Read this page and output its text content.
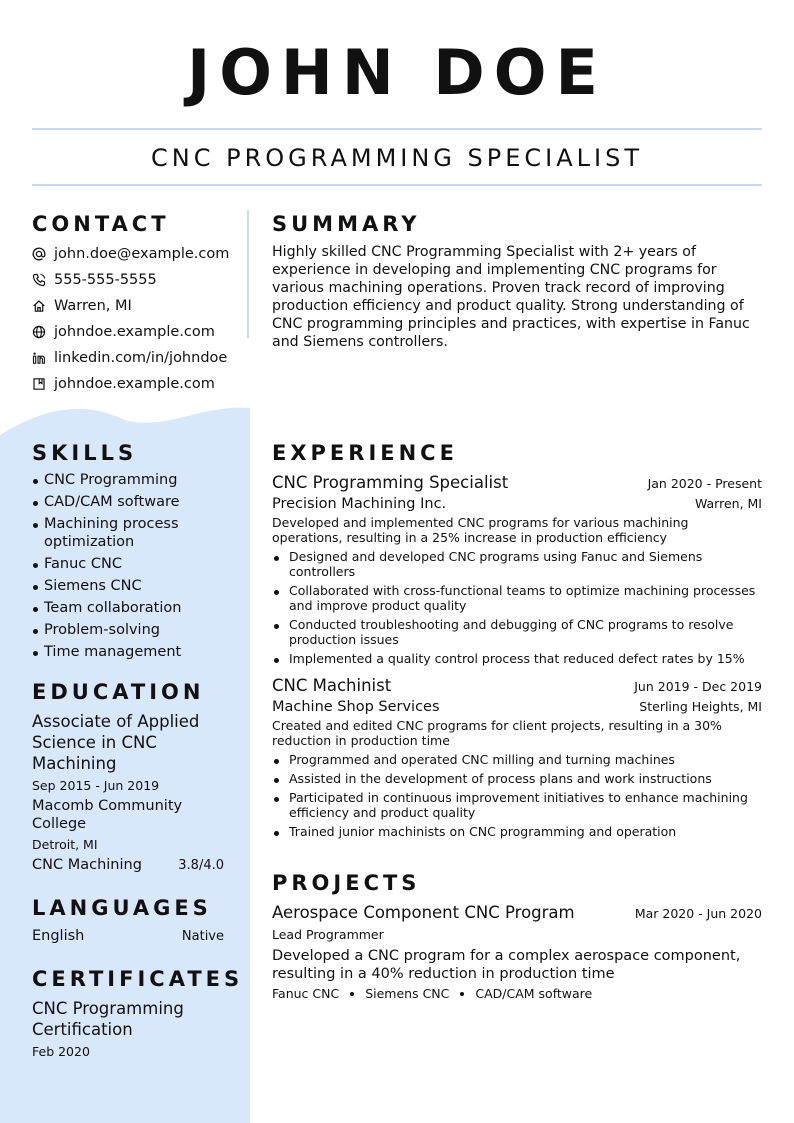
JOHN DOE
CNC PROGRAMMING SPECIALIST
CONTACT
john.doe@example.com
555-555-5555
Warren, MI
johndoe.example.com
linkedin.com/in/johndoe
johndoe.example.com
SKILLS
CNC Programming
CAD/CAM software
Machining process optimization
Fanuc CNC
Siemens CNC
Team collaboration
Problem-solving
Time management
EDUCATION
Associate of Applied Science in CNC Machining
Sep 2015 - Jun 2019
Macomb Community College
Detroit, MI
CNC Machining	3.8/4.0
LANGUAGES
English	Native
CERTIFICATES
CNC Programming Certification
Feb 2020
SUMMARY
Highly skilled CNC Programming Specialist with 2+ years of experience in developing and implementing CNC programs for various machining operations. Proven track record of improving production efficiency and product quality. Strong understanding of CNC programming principles and practices, with expertise in Fanuc and Siemens controllers.
EXPERIENCE
CNC Programming Specialist	Jan 2020 - Present
Precision Machining Inc.	Warren, MI
Developed and implemented CNC programs for various machining operations, resulting in a 25% increase in production efficiency
Designed and developed CNC programs using Fanuc and Siemens controllers
Collaborated with cross-functional teams to optimize machining processes and improve product quality
Conducted troubleshooting and debugging of CNC programs to resolve production issues
Implemented a quality control process that reduced defect rates by 15%
CNC Machinist	Jun 2019 - Dec 2019
Machine Shop Services	Sterling Heights, MI
Created and edited CNC programs for client projects, resulting in a 30% reduction in production time
Programmed and operated CNC milling and turning machines
Assisted in the development of process plans and work instructions
Participated in continuous improvement initiatives to enhance machining efficiency and product quality
Trained junior machinists on CNC programming and operation
PROJECTS
Aerospace Component CNC Program	Mar 2020 - Jun 2020
Lead Programmer
Developed a CNC program for a complex aerospace component, resulting in a 40% reduction in production time
Fanuc CNC Siemens CNC CAD/CAM software
